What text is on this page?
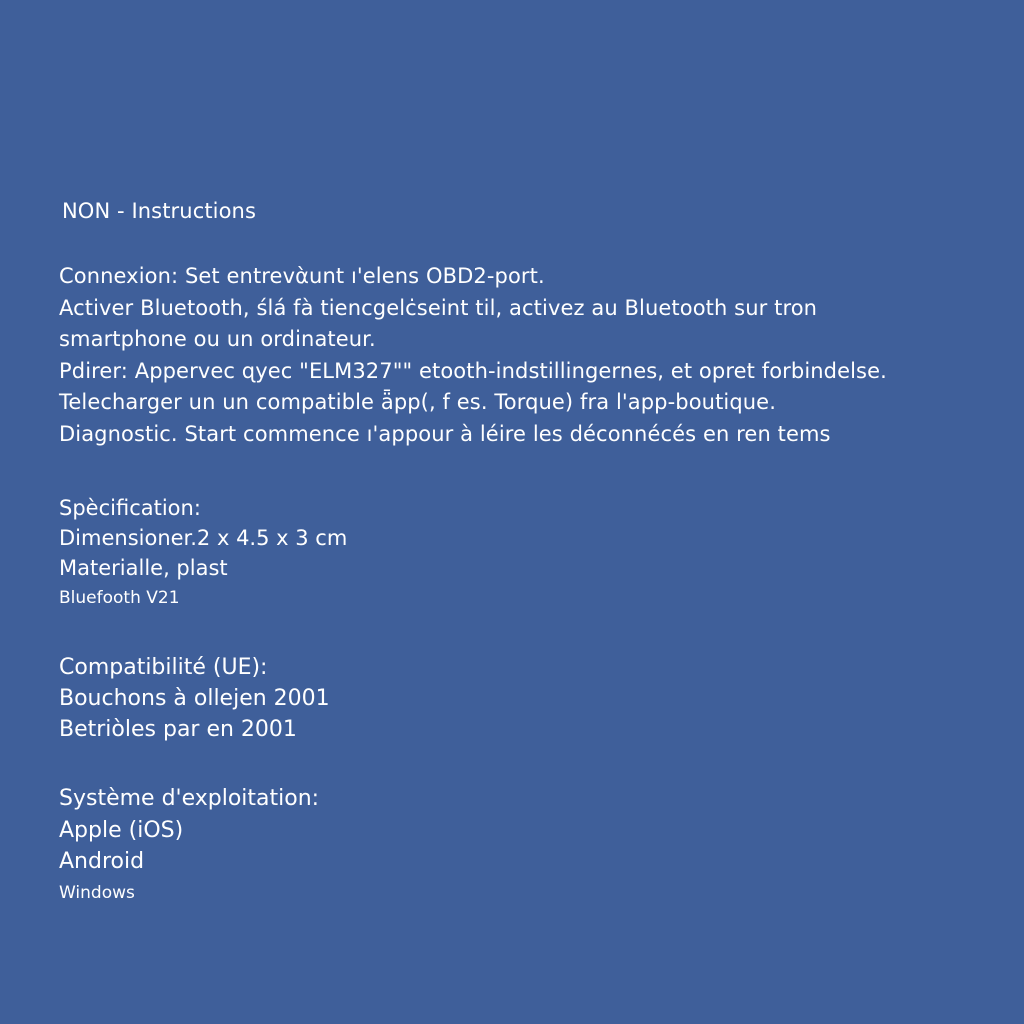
NON - Instructions
Connexion: Set entrevὰunt ı'elens OBD2-port.
Activer Bluetooth, ślá fà tiencgelċseint til, activez au Bluetooth sur tron
smartphone ou un ordinateur.
Pdirer: Appervec ɋyec "ELM327"" etooth-indstillingernes, et opret forbindelse.
Telecharger un un compatible ǟpp(, f es. Torque) fra l'app-boutique.
Diagnostic. Start commence ı'appour à léire les déconnécés en ren tems
Spècification:
Dimensioner.2 x 4.5 x 3 cm
Materialle, plast
Bluefooth V21
Compatibilité (UE):
Bouchons à ollejen 2001
Betriòles par en 2001
Système d'exploitation:
Apple (iOS)
Android
Windows
